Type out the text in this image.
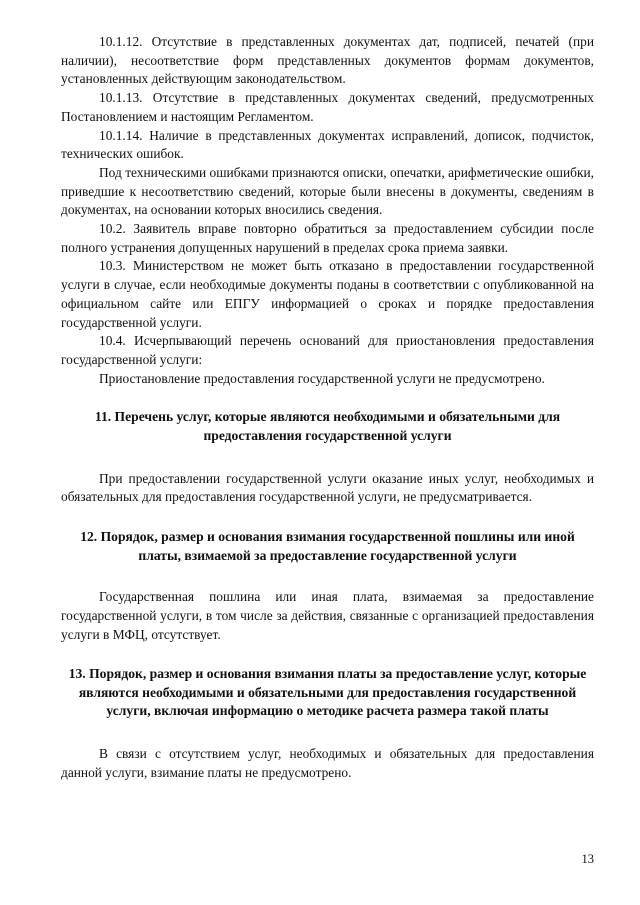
10.1.12. Отсутствие в представленных документах дат, подписей, печатей (при наличии), несоответствие форм представленных документов формам документов, установленных действующим законодательством.

10.1.13. Отсутствие в представленных документах сведений, предусмотренных Постановлением и настоящим Регламентом.

10.1.14. Наличие в представленных документах исправлений, дописок, подчисток, технических ошибок.

Под техническими ошибками признаются описки, опечатки, арифметические ошибки, приведшие к несоответствию сведений, которые были внесены в документы, сведениям в документах, на основании которых вносились сведения.

10.2. Заявитель вправе повторно обратиться за предоставлением субсидии после полного устранения допущенных нарушений в пределах срока приема заявки.

10.3. Министерством не может быть отказано в предоставлении государственной услуги в случае, если необходимые документы поданы в соответствии с опубликованной на официальном сайте или ЕПГУ информацией о сроках и порядке предоставления государственной услуги.

10.4. Исчерпывающий перечень оснований для приостановления предоставления государственной услуги:

Приостановление предоставления государственной услуги не предусмотрено.

11. Перечень услуг, которые являются необходимыми и обязательными для предоставления государственной услуги

При предоставлении государственной услуги оказание иных услуг, необходимых и обязательных для предоставления государственной услуги, не предусматривается.

12. Порядок, размер и основания взимания государственной пошлины или иной платы, взимаемой за предоставление государственной услуги

Государственная пошлина или иная плата, взимаемая за предоставление государственной услуги, в том числе за действия, связанные с организацией предоставления услуги в МФЦ, отсутствует.

13. Порядок, размер и основания взимания платы за предоставление услуг, которые являются необходимыми и обязательными для предоставления государственной услуги, включая информацию о методике расчета размера такой платы

В связи с отсутствием услуг, необходимых и обязательных для предоставления данной услуги, взимание платы не предусмотрено.

13
